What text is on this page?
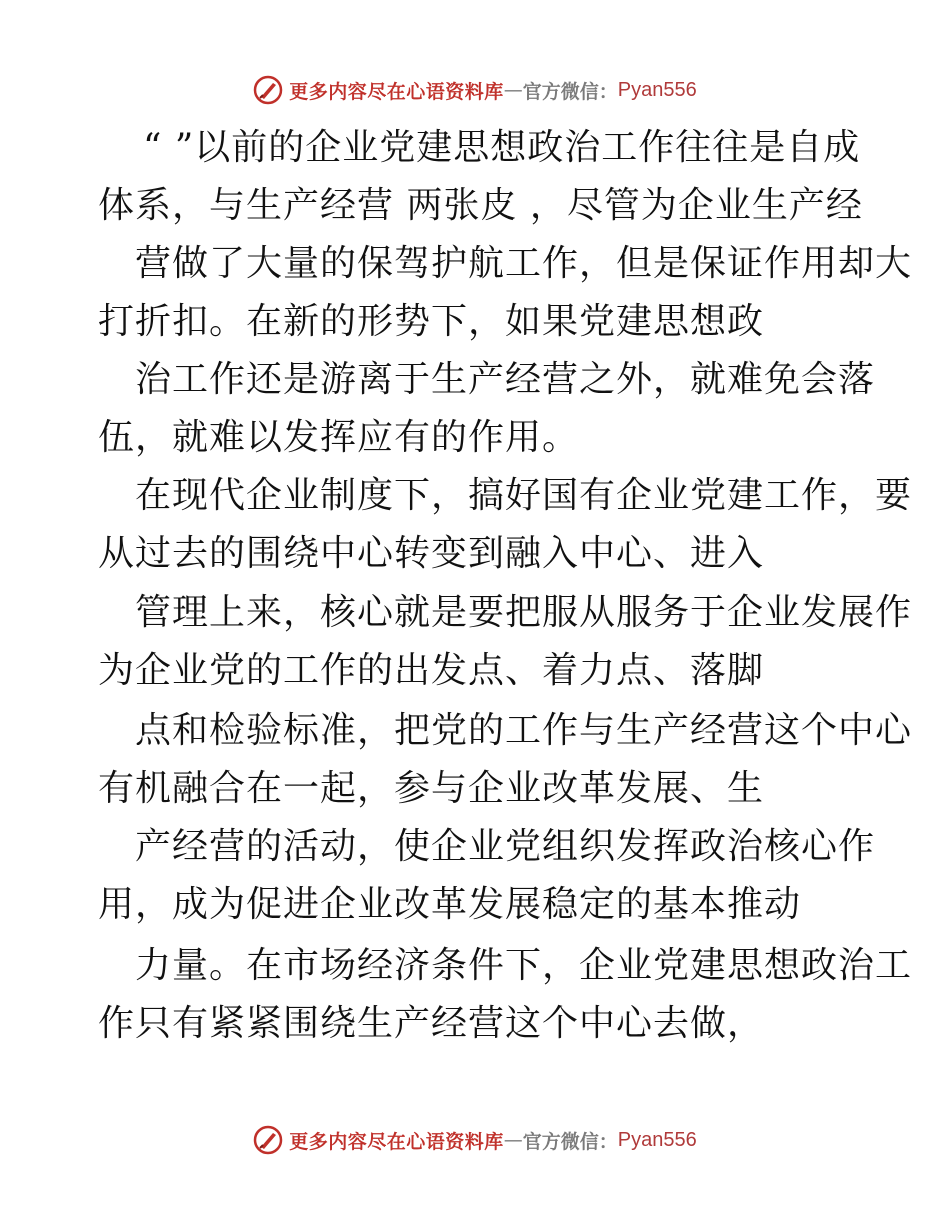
更多内容尽在心语资料库 — 官方微信： Pyan556
“ ”以前的企业党建思想政治工作往往是自成
体系，与生产经营 两张皮 ，尽管为企业生产经
营做了大量的保驾护航工作，但是保证作用却大
打折扣。在新的形势下，如果党建思想政
治工作还是游离于生产经营之外，就难免会落
伍，就难以发挥应有的作用。
在现代企业制度下，搞好国有企业党建工作，要
从过去的围绕中心转变到融入中心、进入
管理上来，核心就是要把服从服务于企业发展作
为企业党的工作的出发点、着力点、落脚
点和检验标准，把党的工作与生产经营这个中心
有机融合在一起，参与企业改革发展、生
产经营的活动，使企业党组织发挥政治核心作
用，成为促进企业改革发展稳定的基本推动
力量。在市场经济条件下，企业党建思想政治工
作只有紧紧围绕生产经营这个中心去做，
更多内容尽在心语资料库 — 官方微信： Pyan556
